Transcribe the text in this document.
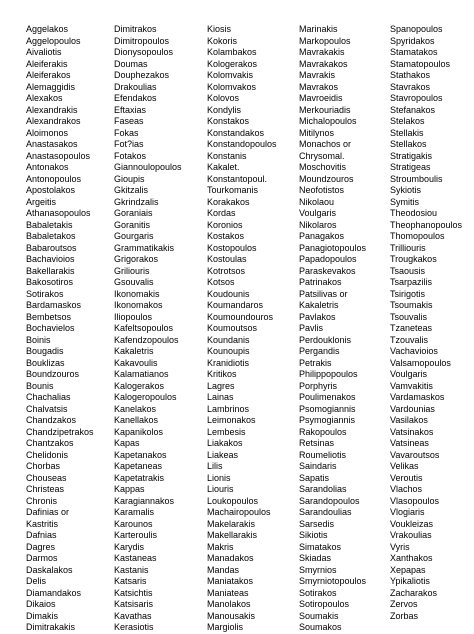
Aggelakos
Aggelopoulos
Aivaliotis
Aleiferakis
Aleiferakos
Alemaggidis
Alexakos
Alexandrakis
Alexandrakos
Aloimonos
Anastasakos
Anastasopoulos
Antonakos
Antonopoulos
Apostolakos
Argeitis
Athanasopoulos
Babaletakis
Babaletakos
Babaroutsos
Bachavioios
Bakellarakis
Bakosotiros
Sotirakos
Bardamaskos
Bembetsos
Bochavielos
Boinis
Bougadis
Bouklizas
Boundzouros
Bounis
Chachalias
Chalvatsis
Chandzakos
Chandzipetrakos
Chantzakos
Chelidonis
Chorbas
Chouseas
Christeas
Chronis
Dafinias or
Kastritis
Dafnias
Dagres
Darmos
Daskalakos
Delis
Diamandakos
Dikaios
Dimakis
Dimitrakakis
Dimitrakos
Dimitropoulos
Dionysopoulos
Doumas
Douphezakos
Drakoulias
Efendakos
Eftaxias
Faseas
Fokas
Fot?ias
Fotakos
Giannoulopoulos
Gioupis
Gkitzalis
Gkrindzalis
Goraniais
Goranitis
Gourgaris
Grammatikakis
Grigorakos
Griliouris
Gsouvalis
Ikonomakis
Ikonomakos
Iliopoulos
Kafeltsopoulos
Kafendzopoulos
Kakaletris
Kakavoulis
Kalamatianos
Kalogerakos
Kalogeropoulos
Kanelakos
Kanellakos
Kapanikolos
Kapas
Kapetanakos
Kapetaneas
Kapetatrakis
Kappas
Karagiannakos
Karamalis
Karounos
Karteroulis
Karydis
Kastaneas
Kastanis
Katsaris
Katsichtis
Katsisaris
Kavathas
Kerasiotis
Kiosis
Kokoris
Kolambakos
Kologerakos
Kolomvakis
Kolomvakos
Kolovos
Kondylis
Konstakos
Konstandakos
Konstandopoulos
Konstanis
Kakalet.
Konstantopoul.
Tourkomanis
Korakakos
Kordas
Koronios
Kostakos
Kostopoulos
Kostoulas
Kotrotsos
Kotsos
Koudounis
Koumandaros
Koumoundouros
Koumoutsos
Koundanis
Kounoupis
Kranidiotis
Kritikos
Lagres
Lainas
Lambrinos
Leimonakos
Lembesis
Liakakos
Liakeas
Lilis
Lionis
Liouris
Loukopoulos
Machairopoulos
Makelarakis
Makellarakis
Makris
Manadakos
Mandas
Maniatakos
Maniateas
Manolakos
Manousakis
Margiolis
Marinakis
Markopoulos
Mavrakakis
Mavrakakos
Mavrakis
Mavrakos
Mavroeidis
Merkouriadis
Michalopoulos
Mitilynos
Monachos or
Chrysomal.
Moschovitis
Moundzouros
Neofotistos
Nikolaou
Voulgaris
Nikolaros
Panagakos
Panagiotopoulos
Papadopoulos
Paraskevakos
Patrinakos
Patsilivas or
Kakaletris
Pavlakos
Pavlis
Perdouklonis
Pergandis
Petrakis
Philippopoulos
Porphyris
Poulimenakos
Psomogiannis
Psymogiannis
Rakopoulos
Retsinas
Roumeliotis
Saindaris
Sapatis
Sarandolias
Sarandopoulos
Sarandoulias
Sarsedis
Sikiotis
Simatakos
Skiadas
Smyrnios
Smyrniotopoulos
Sotirakos
Sotiropoulos
Soumakis
Soumakos
Spanopoulos
Spyridakos
Stamatakos
Stamatopoulos
Stathakos
Stavrakos
Stavropoulos
Stefanakos
Stelakos
Stellakis
Stellakos
Stratigakis
Stratigeas
Stroumboulis
Sykiotis
Symitis
Theodosiou
Theophanopoulos
Thomopoulos
Trilliouris
Trougkakos
Tsaousis
Tsarpazilis
Tsirigotis
Tsoumakis
Tsouvalis
Tzaneteas
Tzouvalis
Vachavioios
Valsamopoulos
Voulgaris
Vamvakitis
Vardamaskos
Vardounias
Vasilakos
Vatsinakos
Vatsineas
Vavaroutsos
Velikas
Veroutis
Vlachos
Vlasopoulos
Vlogiaris
Voukleizas
Vrakoulias
Vyris
Xanthakos
Xepapas
Ypikaliotis
Zacharakos
Zervos
Zorbas
